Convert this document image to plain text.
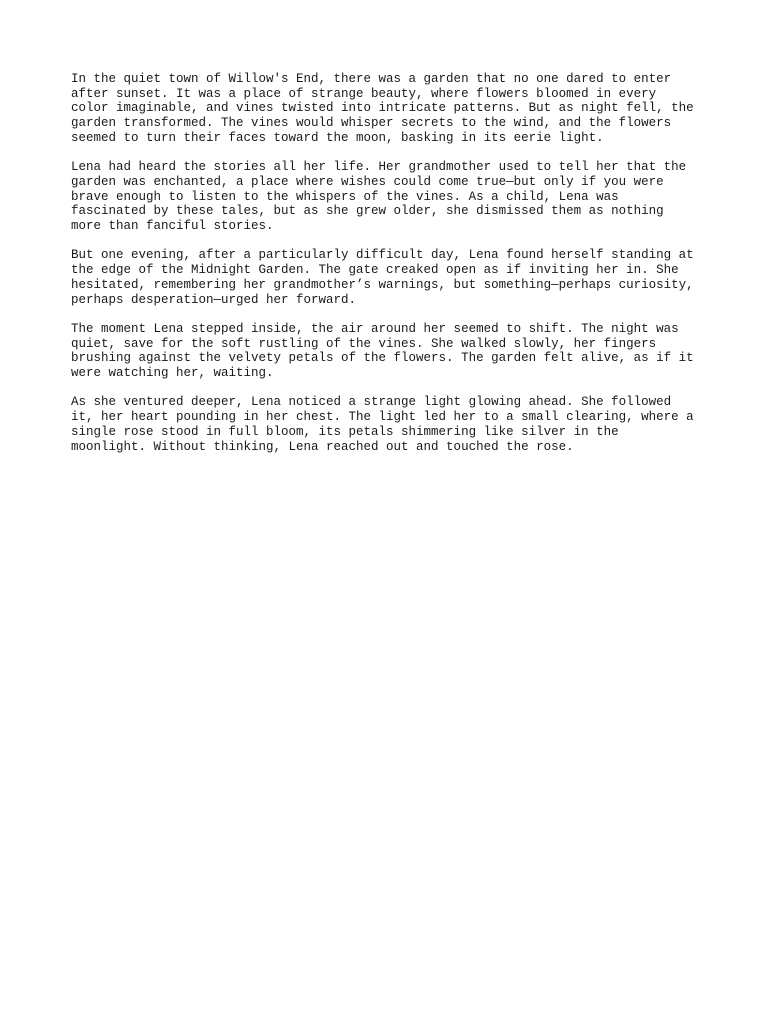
In the quiet town of Willow's End, there was a garden that no one dared to enter
after sunset. It was a place of strange beauty, where flowers bloomed in every
color imaginable, and vines twisted into intricate patterns. But as night fell, the
garden transformed. The vines would whisper secrets to the wind, and the flowers
seemed to turn their faces toward the moon, basking in its eerie light.

Lena had heard the stories all her life. Her grandmother used to tell her that the
garden was enchanted, a place where wishes could come true—but only if you were
brave enough to listen to the whispers of the vines. As a child, Lena was
fascinated by these tales, but as she grew older, she dismissed them as nothing
more than fanciful stories.

But one evening, after a particularly difficult day, Lena found herself standing at
the edge of the Midnight Garden. The gate creaked open as if inviting her in. She
hesitated, remembering her grandmother’s warnings, but something—perhaps curiosity,
perhaps desperation—urged her forward.

The moment Lena stepped inside, the air around her seemed to shift. The night was
quiet, save for the soft rustling of the vines. She walked slowly, her fingers
brushing against the velvety petals of the flowers. The garden felt alive, as if it
were watching her, waiting.

As she ventured deeper, Lena noticed a strange light glowing ahead. She followed
it, her heart pounding in her chest. The light led her to a small clearing, where a
single rose stood in full bloom, its petals shimmering like silver in the
moonlight. Without thinking, Lena reached out and touched the rose.
